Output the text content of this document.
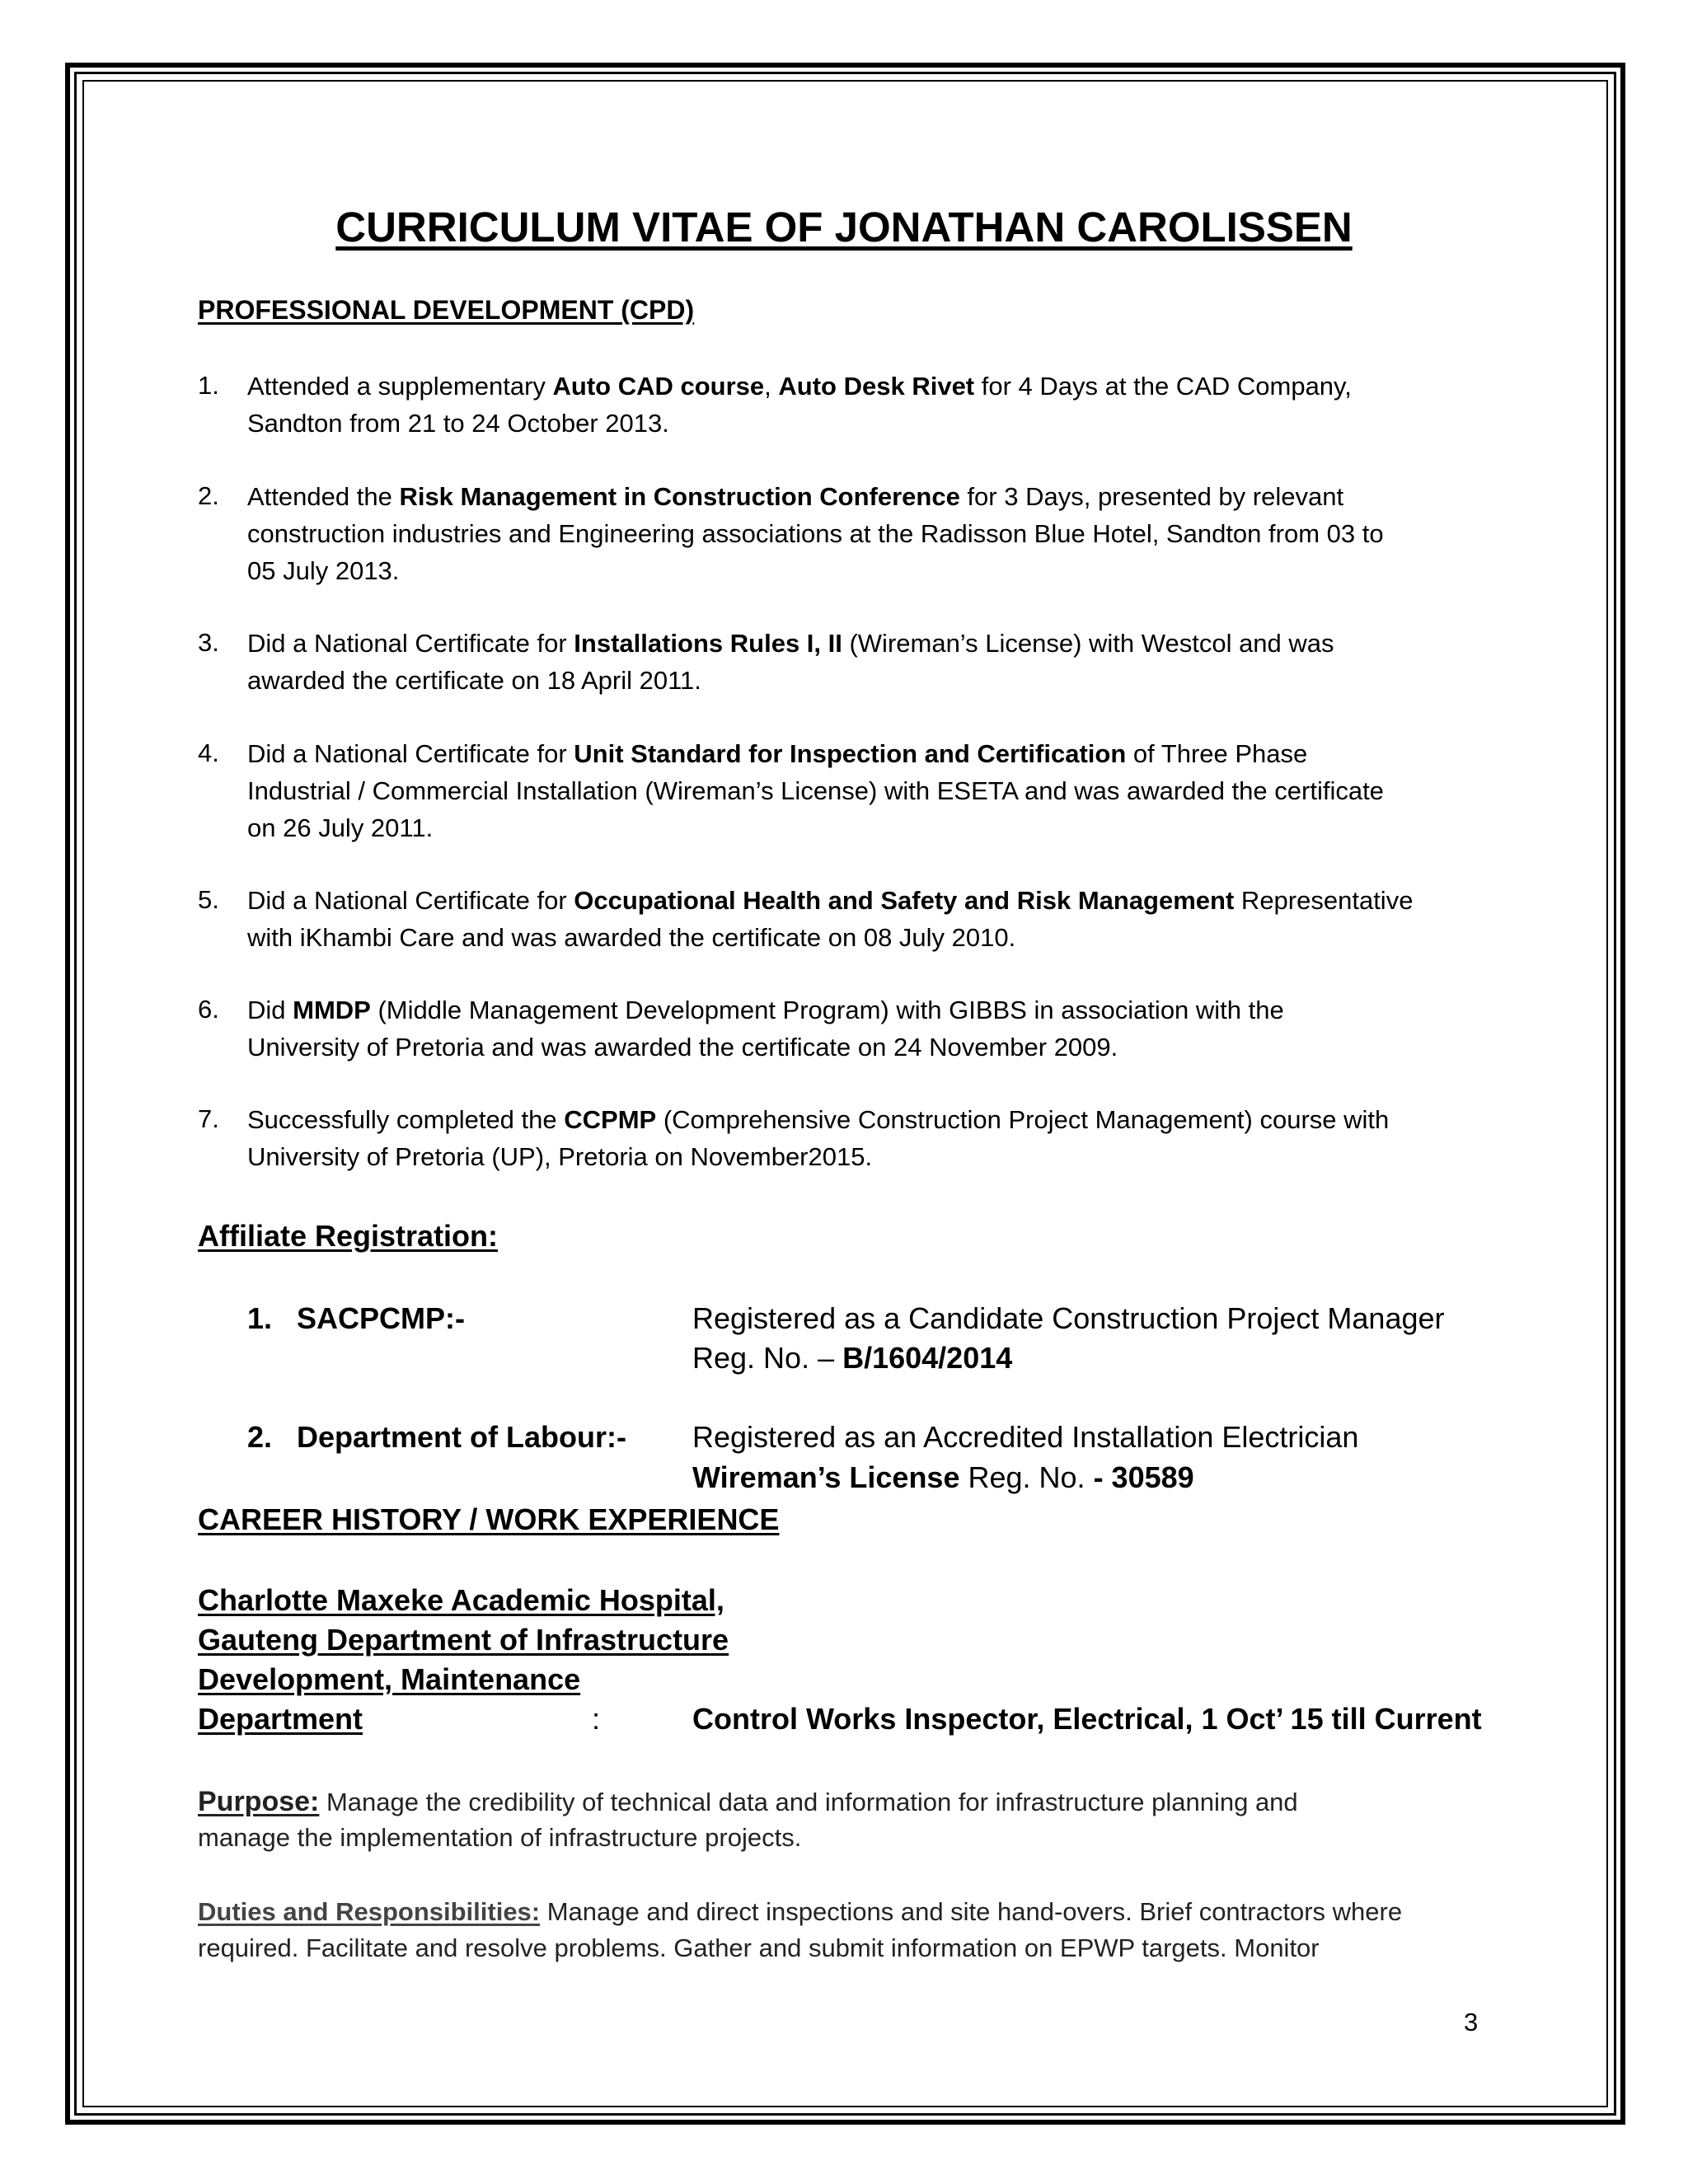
CURRICULUM VITAE OF JONATHAN CAROLISSEN
PROFESSIONAL DEVELOPMENT (CPD)
1. Attended a supplementary Auto CAD course, Auto Desk Rivet for 4 Days at the CAD Company,
Sandton from 21 to 24 October 2013.
2. Attended the Risk Management in Construction Conference for 3 Days, presented by relevant
construction industries and Engineering associations at the Radisson Blue Hotel, Sandton from 03 to
05 July 2013.
3. Did a National Certificate for Installations Rules I, II (Wireman’s License) with Westcol and was
awarded the certificate on 18 April 2011.
4. Did a National Certificate for Unit Standard for Inspection and Certification of Three Phase
Industrial / Commercial Installation (Wireman’s License) with ESETA and was awarded the certificate
on 26 July 2011.
5. Did a National Certificate for Occupational Health and Safety and Risk Management Representative
with iKhambi Care and was awarded the certificate on 08 July 2010.
6. Did MMDP (Middle Management Development Program) with GIBBS in association with the
University of Pretoria and was awarded the certificate on 24 November 2009.
7. Successfully completed the CCPMP (Comprehensive Construction Project Management) course with
University of Pretoria (UP), Pretoria on November2015.
Affiliate Registration:
1. SACPCMP:-	Registered as a Candidate Construction Project Manager
Reg. No. – B/1604/2014
2. Department of Labour:- Registered as an Accredited Installation Electrician
Wireman’s License Reg. No. - 30589
CAREER HISTORY / WORK EXPERIENCE
Charlotte Maxeke Academic Hospital,
Gauteng Department of Infrastructure
Development, Maintenance
Department	:	Control Works Inspector, Electrical, 1 Oct’ 15 till Current
Purpose: Manage the credibility of technical data and information for infrastructure planning and
manage the implementation of infrastructure projects.
Duties and Responsibilities: Manage and direct inspections and site hand-overs. Brief contractors where
required. Facilitate and resolve problems. Gather and submit information on EPWP targets. Monitor
3
